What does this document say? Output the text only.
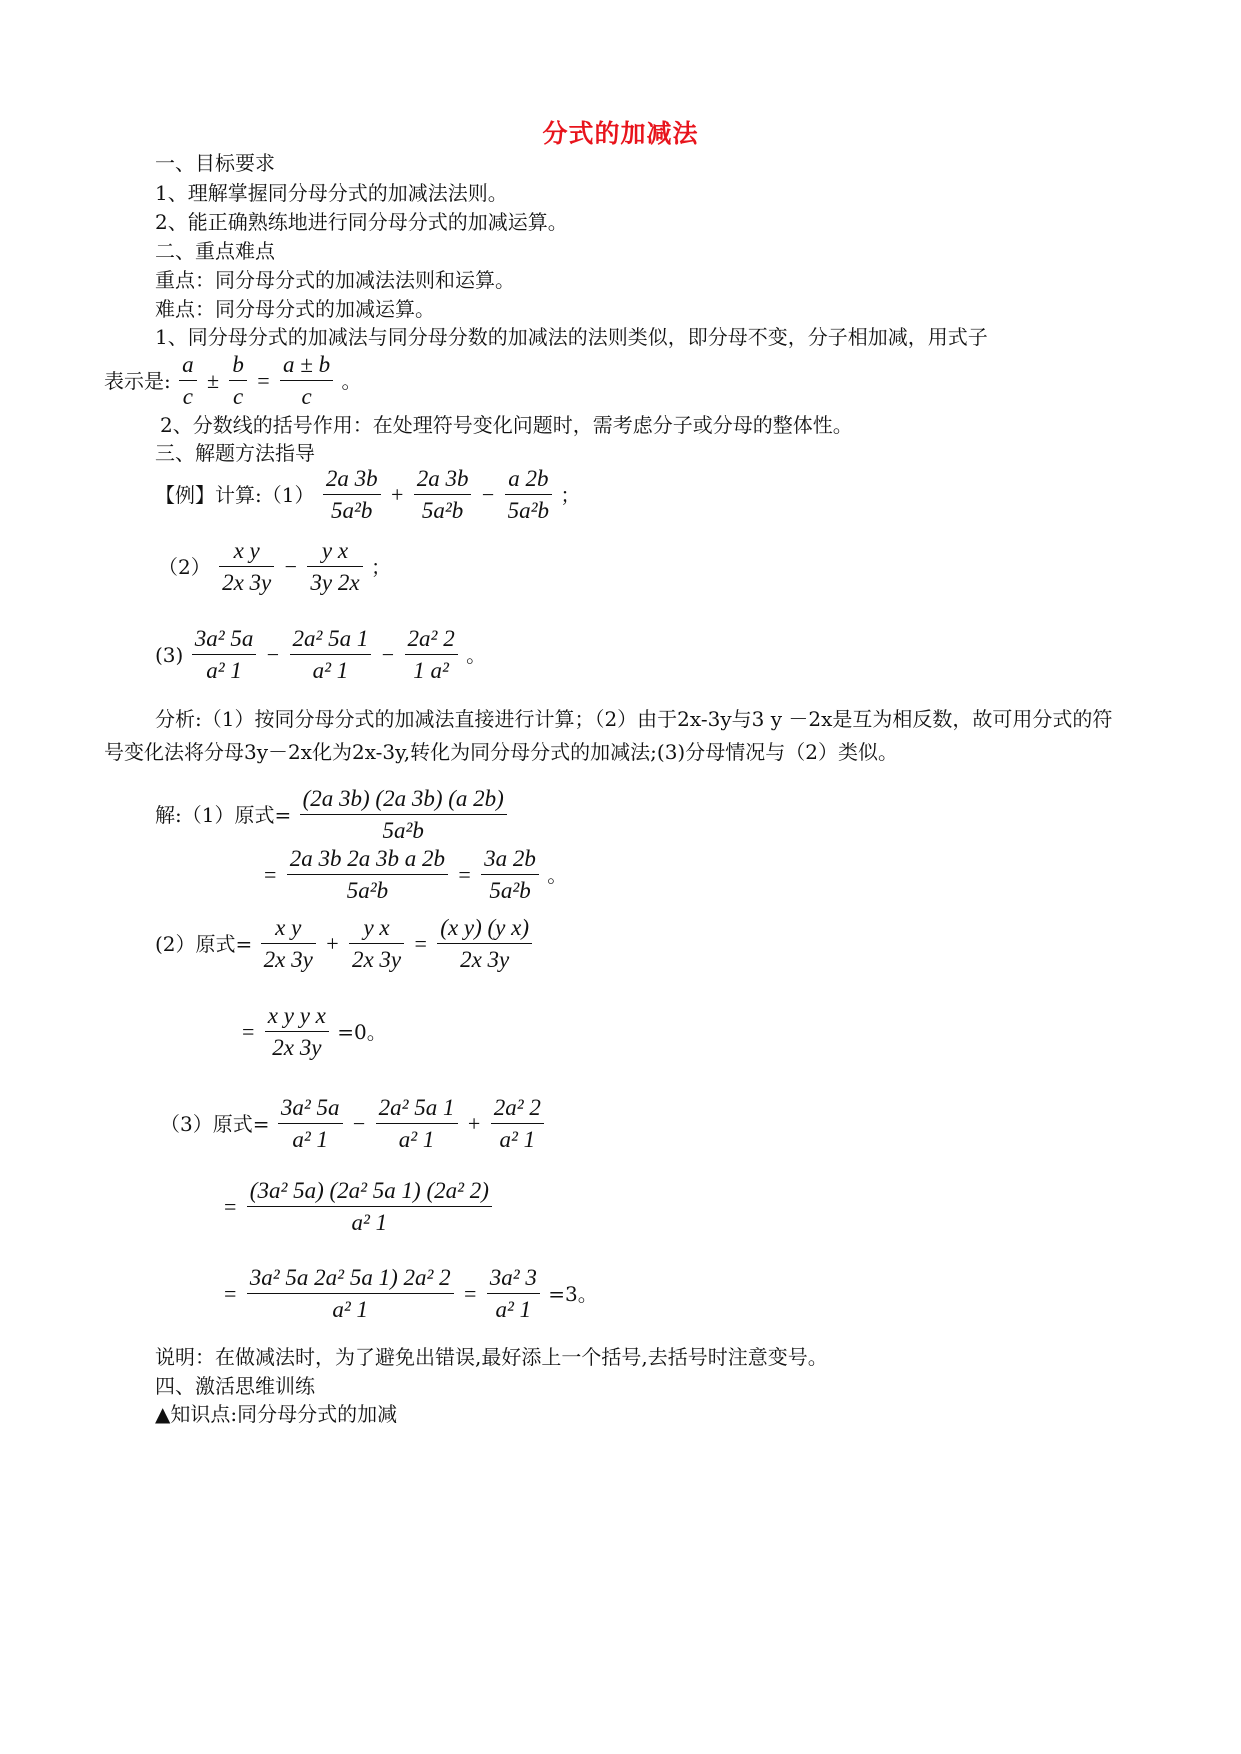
分式的加减法
一、目标要求
1、理解掌握同分母分式的加减法法则。
2、能正确熟练地进行同分母分式的加减运算。
二、重点难点
重点：同分母分式的加减法法则和运算。
难点：同分母分式的加减运算。
1、同分母分式的加减法与同分母分数的加减法的法则类似，即分母不变，分子相加减，用式子
表示是: $\frac{a}{c} \pm \frac{b}{c} = \frac{a \pm b}{c}$ 。
2、分数线的括号作用：在处理符号变化问题时，需考虑分子或分母的整体性。
三、解题方法指导
【例】计算:（1） $\frac{2a 3b}{\text{5a²b}} + \frac{2a 3b}{\text{5a²b}} - \frac{a 2b}{\text{5a²b}}$ ；
$(2) \frac{\text{x y}}{2x 3y} - \frac{\text{y x}}{3y 2x}$ ；
$(3) \frac{\text{3a² 5a}}{\text{a² 1}} - \frac{\text{2a² 5a 1}}{\text{a² 1}} - \frac{\text{2a² 2}}{\text{1 a²}}$ 。
分析:（1）按同分母分式的加减法直接进行计算；（2）由于2x-3y与3 y －2x是互为相反数，故可用分式的符号变化法将分母3y－2x化为2x-3y,转化为同分母分式的加减法;(3)分母情况与（2）类似。
解:（1）原式= $\frac{(2a 3b) (2a 3b) (a 2b)}{\text{5a²b}}$
= $\frac{\text{2a 3b 2a 3b a 2b}}{\text{5a²b}} = \frac{3a 2b}{\text{5a²b}}$ 。
(2）原式= $\frac{\text{x y}}{2x 3y} + \frac{\text{y x}}{2x 3y} = \frac{\text{(x y) (y x)}}{2x 3y}$
= $\frac{\text{x y y x}}{2x 3y} =0$。
（3）原式= $\frac{\text{3a² 5a}}{\text{a² 1}} - \frac{\text{2a² 5a 1}}{\text{a² 1}} + \frac{\text{2a² 2}}{\text{a² 1}}$
= $\frac{\text{(3a² 5a) (2a² 5a 1) (2a² 2)}}{\text{a² 1}}$
= $\frac{\text{3a² 5a 2a² 5a 1) 2a² 2}}{\text{a² 1}} = \frac{\text{3a² 3}}{\text{a² 1}} =3$。
说明：在做减法时，为了避免出错误,最好添上一个括号,去括号时注意变号。
四、激活思维训练
▲知识点:同分母分式的加减
